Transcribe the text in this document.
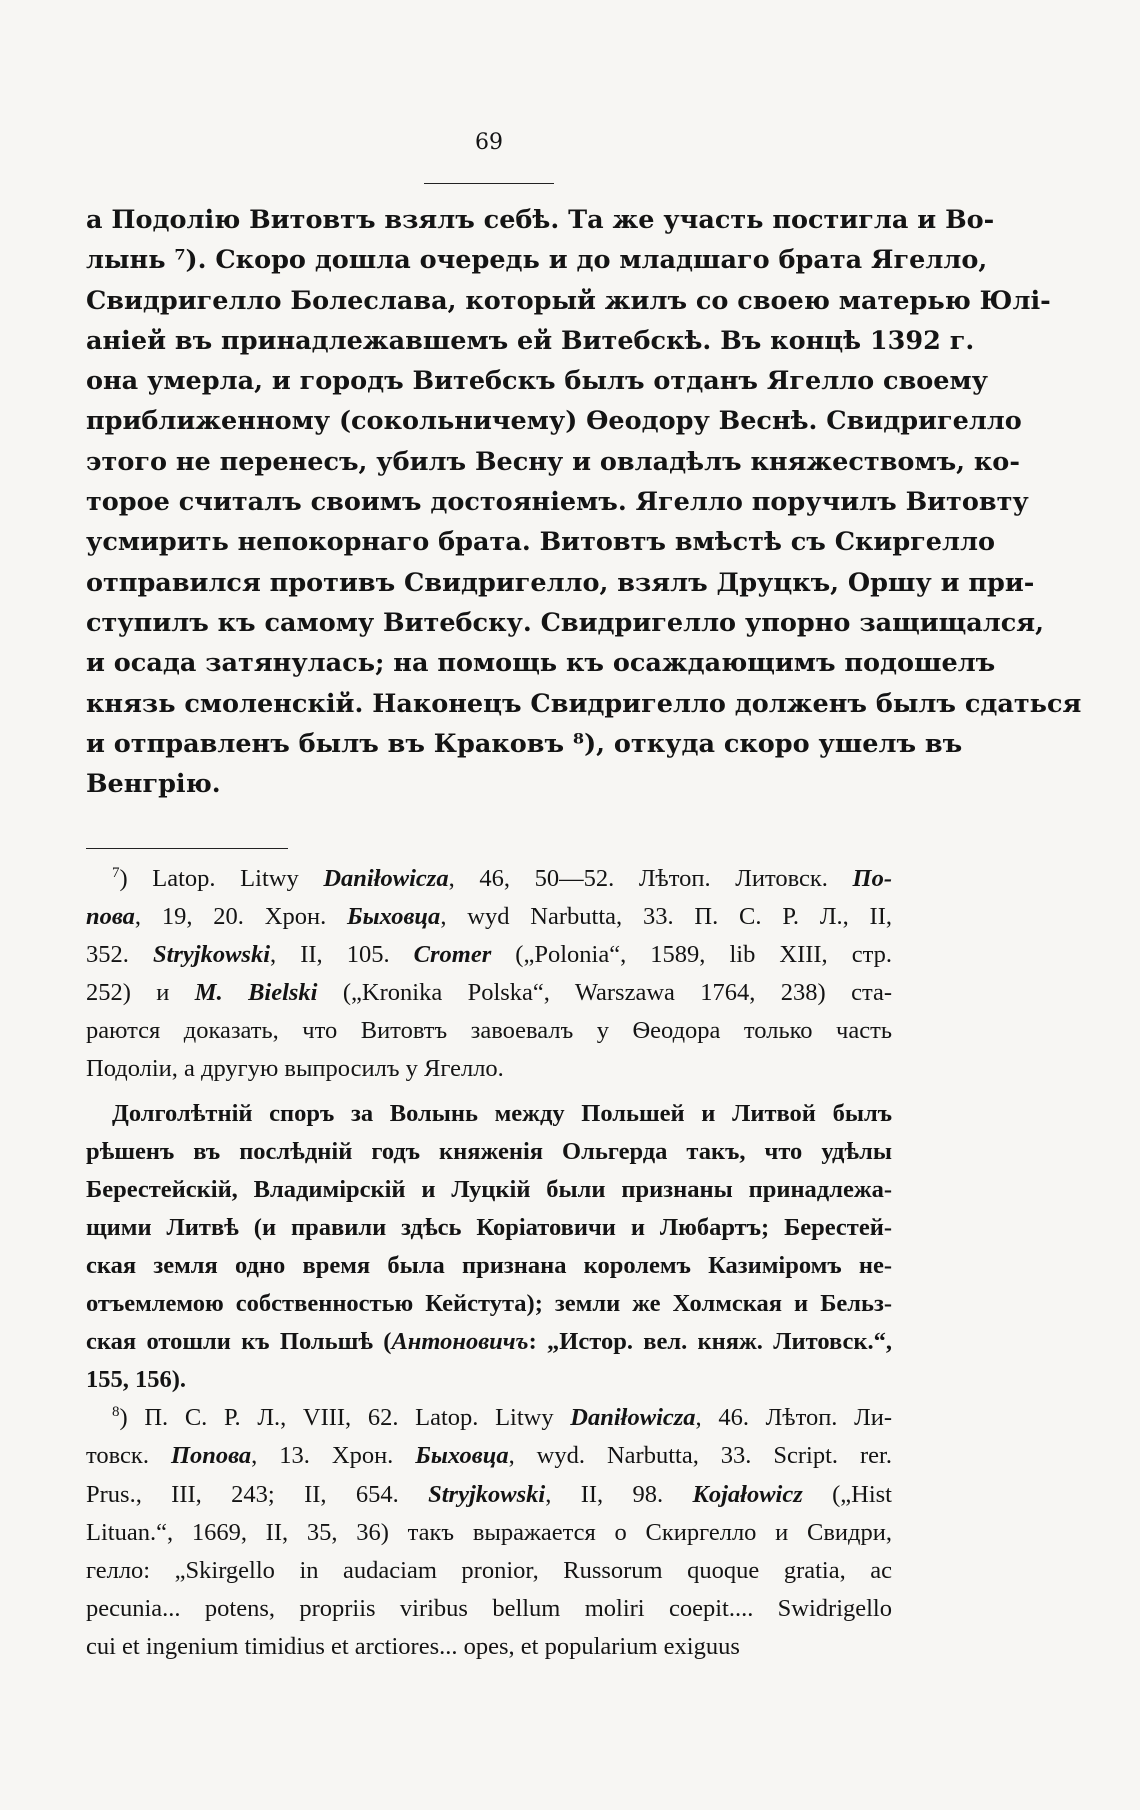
69
а Подолію Витовтъ взялъ себѣ. Та же участь постигла и Во-
лынь ⁷). Скоро дошла очередь и до младшаго брата Ягелло,
Свидригелло Болеслава, который жилъ со своею матерью Юлі-
аніей въ принадлежавшемъ ей Витебскѣ. Въ концѣ 1392 г.
она умерла, и городъ Витебскъ былъ отданъ Ягелло своему
приближенному (сокольничему) Ѳеодору Веснѣ. Свидригелло
этого не перенесъ, убилъ Весну и овладѣлъ княжествомъ, ко-
торое считалъ своимъ достояніемъ. Ягелло поручилъ Витовту
усмирить непокорнаго брата. Витовтъ вмѣстѣ съ Скиргелло
отправился противъ Свидригелло, взялъ Друцкъ, Оршу и при-
ступилъ къ самому Витебску. Свидригелло упорно защищался,
и осада затянулась; на помощь къ осаждающимъ подошелъ
князь смоленскій. Наконецъ Свидригелло долженъ былъ сдаться
и отправленъ былъ въ Краковъ ⁸), откуда скоро ушелъ въ
Венгрію.
$^7$) Latop. Litwy Daniłowicza, 46, 50—52. Лѣтоп. Литовск. По-
пова, 19, 20. Хрон. Быховца, wyd Narbutta, 33. П. С. Р. Л., II,
352. Stryjkowski, II, 105. Cromer („Polonia“, 1589, lib XIII, стр.
252) и M. Bielski („Kronika Polska“, Warszawa 1764, 238) ста-
раются доказать, что Витовтъ завоевалъ у Ѳеодора только часть
Подоліи, а другую выпросилъ у Ягелло.
Долголѣтній споръ за Волынь между Польшей и Литвой былъ
рѣшенъ въ послѣдній годъ княженія Ольгерда такъ, что удѣлы
Берестейскій, Владимірскій и Луцкій были признаны принадлежа-
щими Литвѣ (и правили здѣсь Коріатовичи и Любартъ; Берестей-
ская земля одно время была признана королемъ Казиміромъ не-
отъемлемою собственностью Кейстута); земли же Холмская и Бельз-
ская отошли къ Польшѣ (Антоновичъ: „Истор. вел. княж. Литовск.“,
155, 156).
$^8$) П. С. Р. Л., VIII, 62. Latop. Litwy Daniłowicza, 46. Лѣтоп. Ли-
товск. Попова, 13. Хрон. Быховца, wyd. Narbutta, 33. Script. rer.
Prus., III, 243; II, 654. Stryjkowski, II, 98. Kojałowicz („Hist
Lituan.“, 1669, II, 35, 36) такъ выражается о Скиргелло и Свидри,
гелло: „Skirgello in audaciam pronior, Russorum quoque gratia, ac
pecunia... potens, propriis viribus bellum moliri coepit.... Swidrigello
cui et ingenium timidius et arctiores... opes, et popularium exiguus
